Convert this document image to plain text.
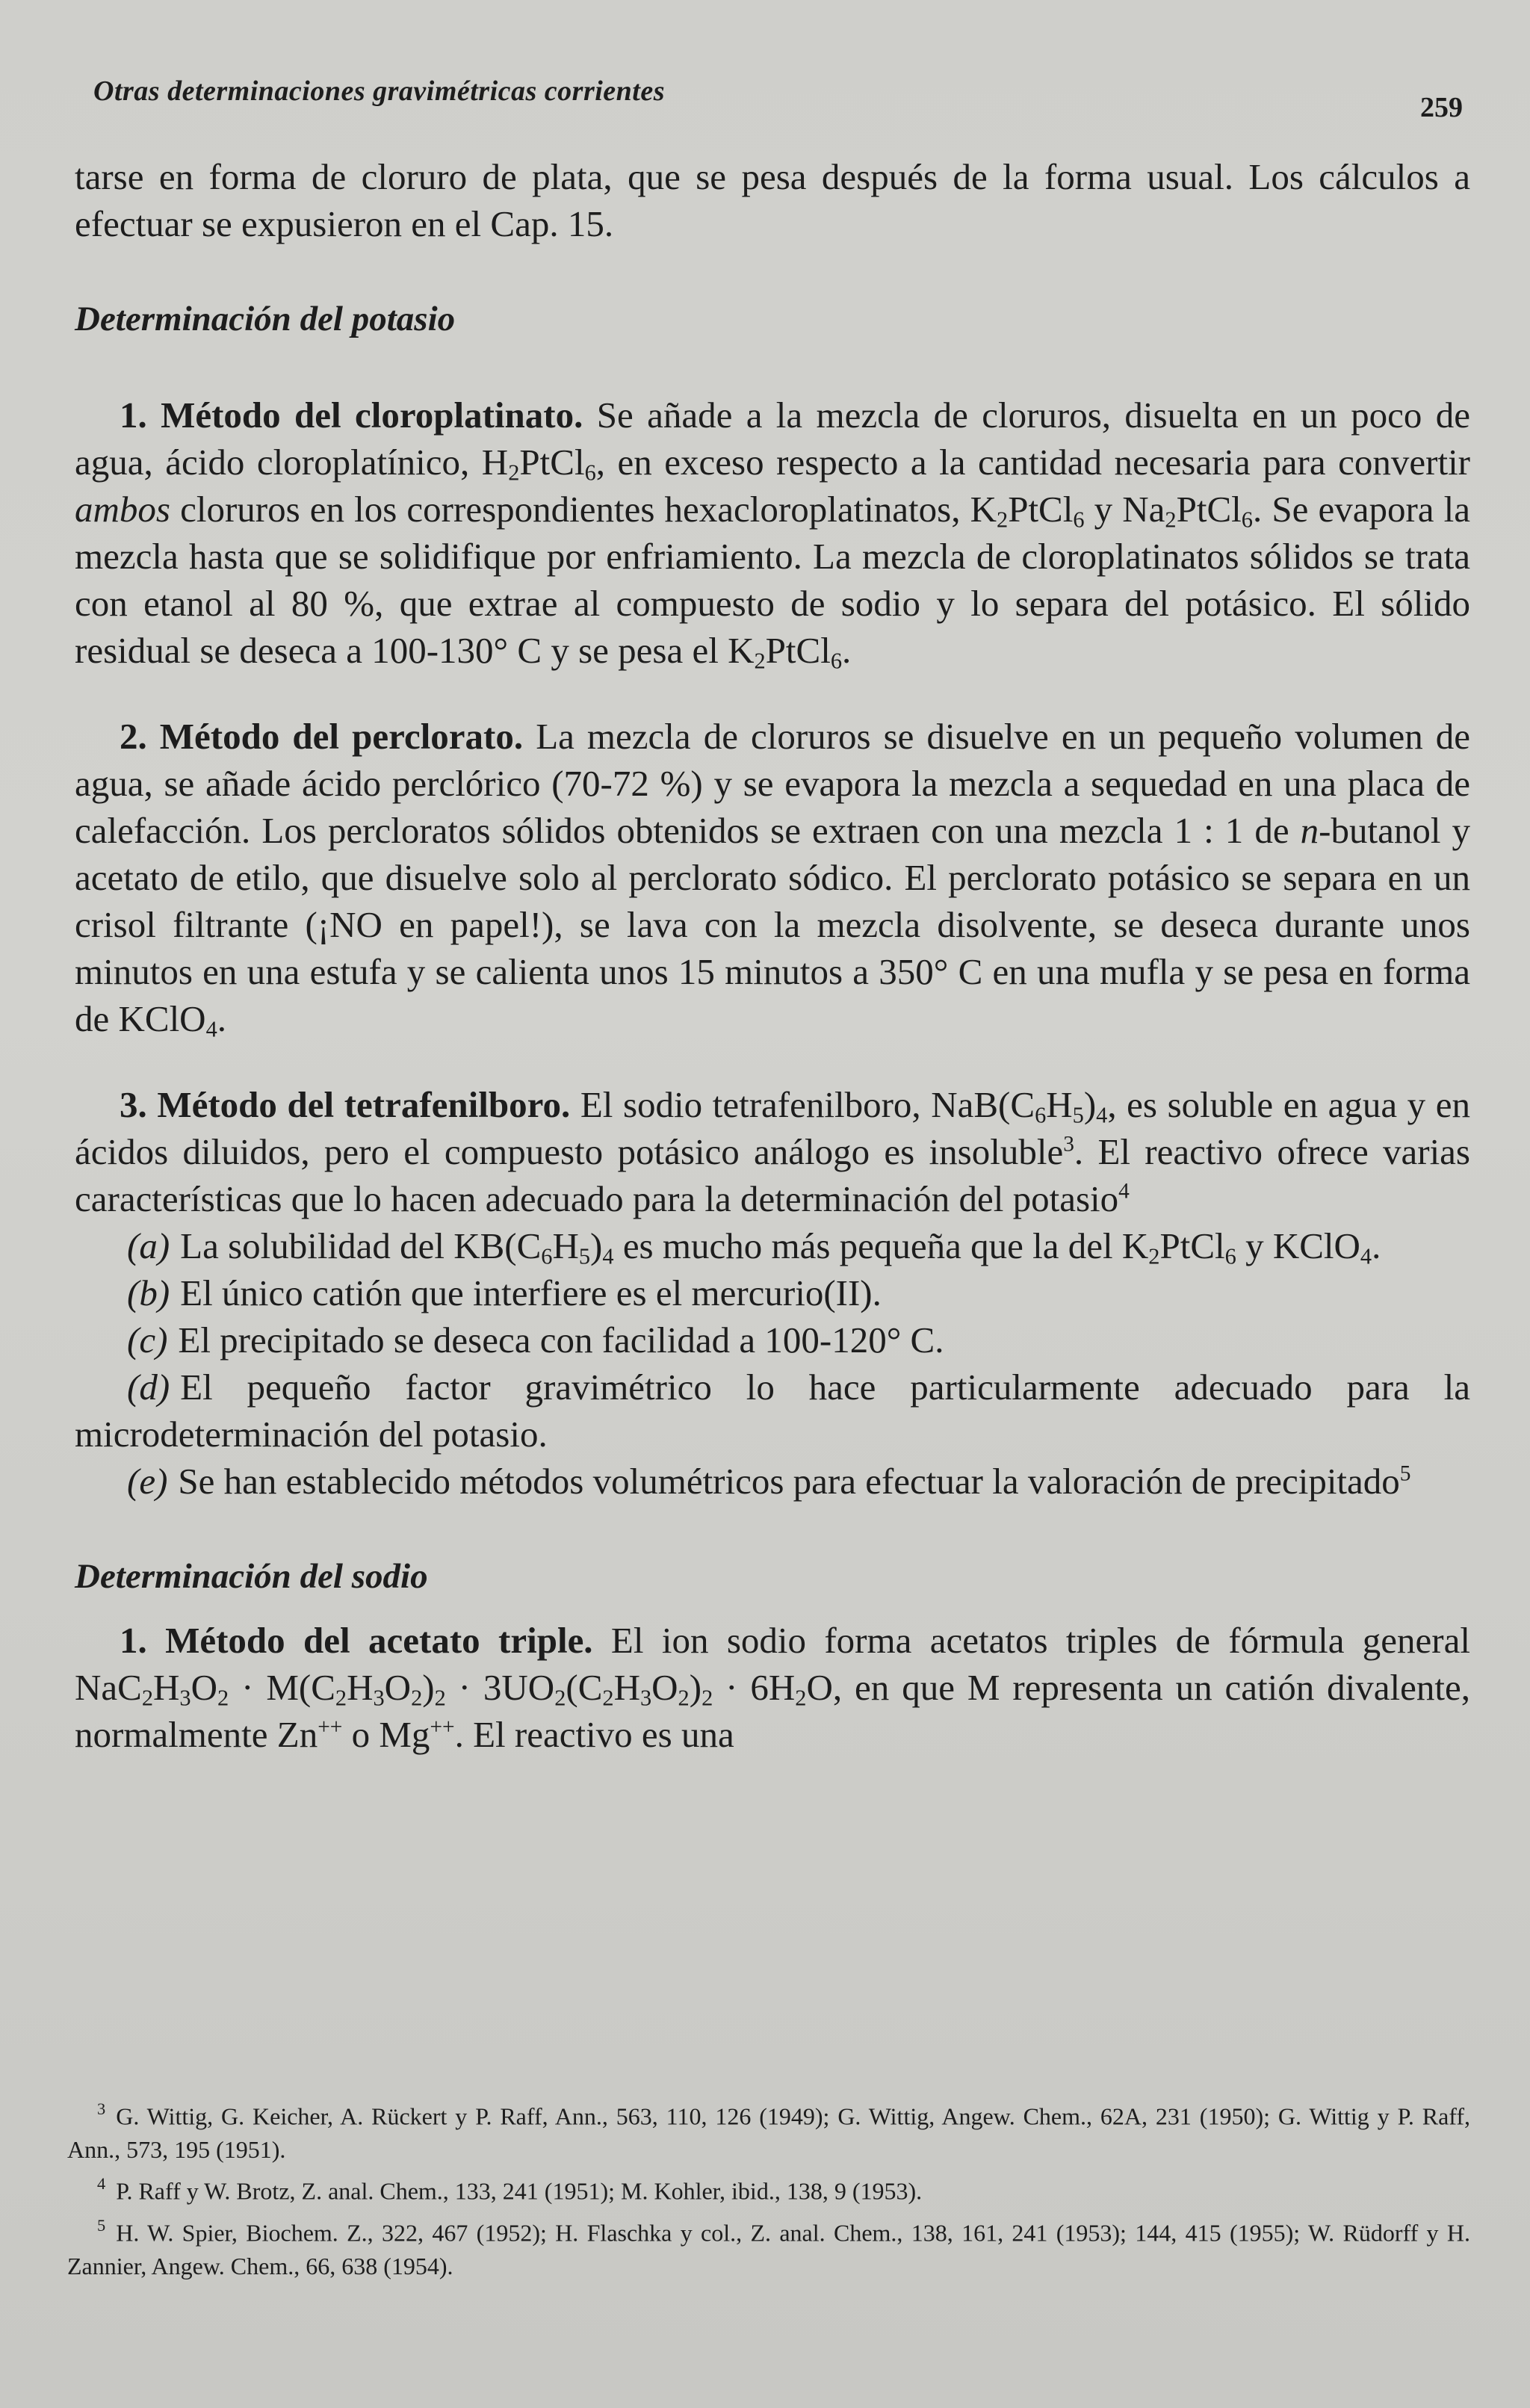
Otras determinaciones gravimétricas corrientes
259

tarse en forma de cloruro de plata, que se pesa después de la forma usual. Los cálculos a efectuar se expusieron en el Cap. 15.

Determinación del potasio

1. Método del cloroplatinato. Se añade a la mezcla de cloruros, disuelta en un poco de agua, ácido cloroplatínico, $H_2PtCl_6$, en exceso respecto a la cantidad necesaria para convertir ambos cloruros en los correspondientes hexacloroplatinatos, $K_2PtCl_6$ y $Na_2PtCl_6$. Se evapora la mezcla hasta que se solidifique por enfriamiento. La mezcla de cloroplatinatos sólidos se trata con etanol al 80 %, que extrae al compuesto de sodio y lo separa del potásico. El sólido residual se deseca a 100-130° C y se pesa el $K_2PtCl_6$.

2. Método del perclorato. La mezcla de cloruros se disuelve en un pequeño volumen de agua, se añade ácido perclórico (70-72 %) y se evapora la mezcla a sequedad en una placa de calefacción. Los percloratos sólidos obtenidos se extraen con una mezcla 1 : 1 de n-butanol y acetato de etilo, que disuelve solo al perclorato sódico. El perclorato potásico se separa en un crisol filtrante (¡NO en papel!), se lava con la mezcla disolvente, se deseca durante unos minutos en una estufa y se calienta unos 15 minutos a 350° C en una mufla y se pesa en forma de KClO$_4$.

3. Método del tetrafenilboro. El sodio tetrafenilboro, $NaB(C_6H_5)_4$, es soluble en agua y en ácidos diluidos, pero el compuesto potásico análogo es insoluble$^3$. El reactivo ofrece varias características que lo hacen adecuado para la determinación del potasio$^4$

(a) La solubilidad del $KB(C_6H_5)_4$ es mucho más pequeña que la del $K_2PtCl_6$ y KClO$_4$.

(b) El único catión que interfiere es el mercurio(II).

(c) El precipitado se deseca con facilidad a 100-120° C.

(d) El pequeño factor gravimétrico lo hace particularmente adecuado para la microdeterminación del potasio.

(e) Se han establecido métodos volumétricos para efectuar la valoración de precipitado$^5$

Determinación del sodio

1. Método del acetato triple. El ion sodio forma acetatos triples de fórmula general $NaC_2H_3O_2 \cdot M(C_2H_3O_2)_2 \cdot 3UO_2(C_2H_3O_2)_2 \cdot 6H_2O$, en que M representa un catión divalente, normalmente Zn++ o Mg++. El reactivo es una

$^3$ G. Wittig, G. Keicher, A. Rückert y P. Raff, Ann., 563, 110, 126 (1949); G. Wittig, Angew. Chem., 62A, 231 (1950); G. Wittig y P. Raff, Ann., 573, 195 (1951).

$^4$ P. Raff y W. Brotz, Z. anal. Chem., 133, 241 (1951); M. Kohler, ibid., 138, 9 (1953).

$^5$ H. W. Spier, Biochem. Z., 322, 467 (1952); H. Flaschka y col., Z. anal. Chem., 138, 161, 241 (1953); 144, 415 (1955); W. Rüdorff y H. Zannier, Angew. Chem., 66, 638 (1954).
